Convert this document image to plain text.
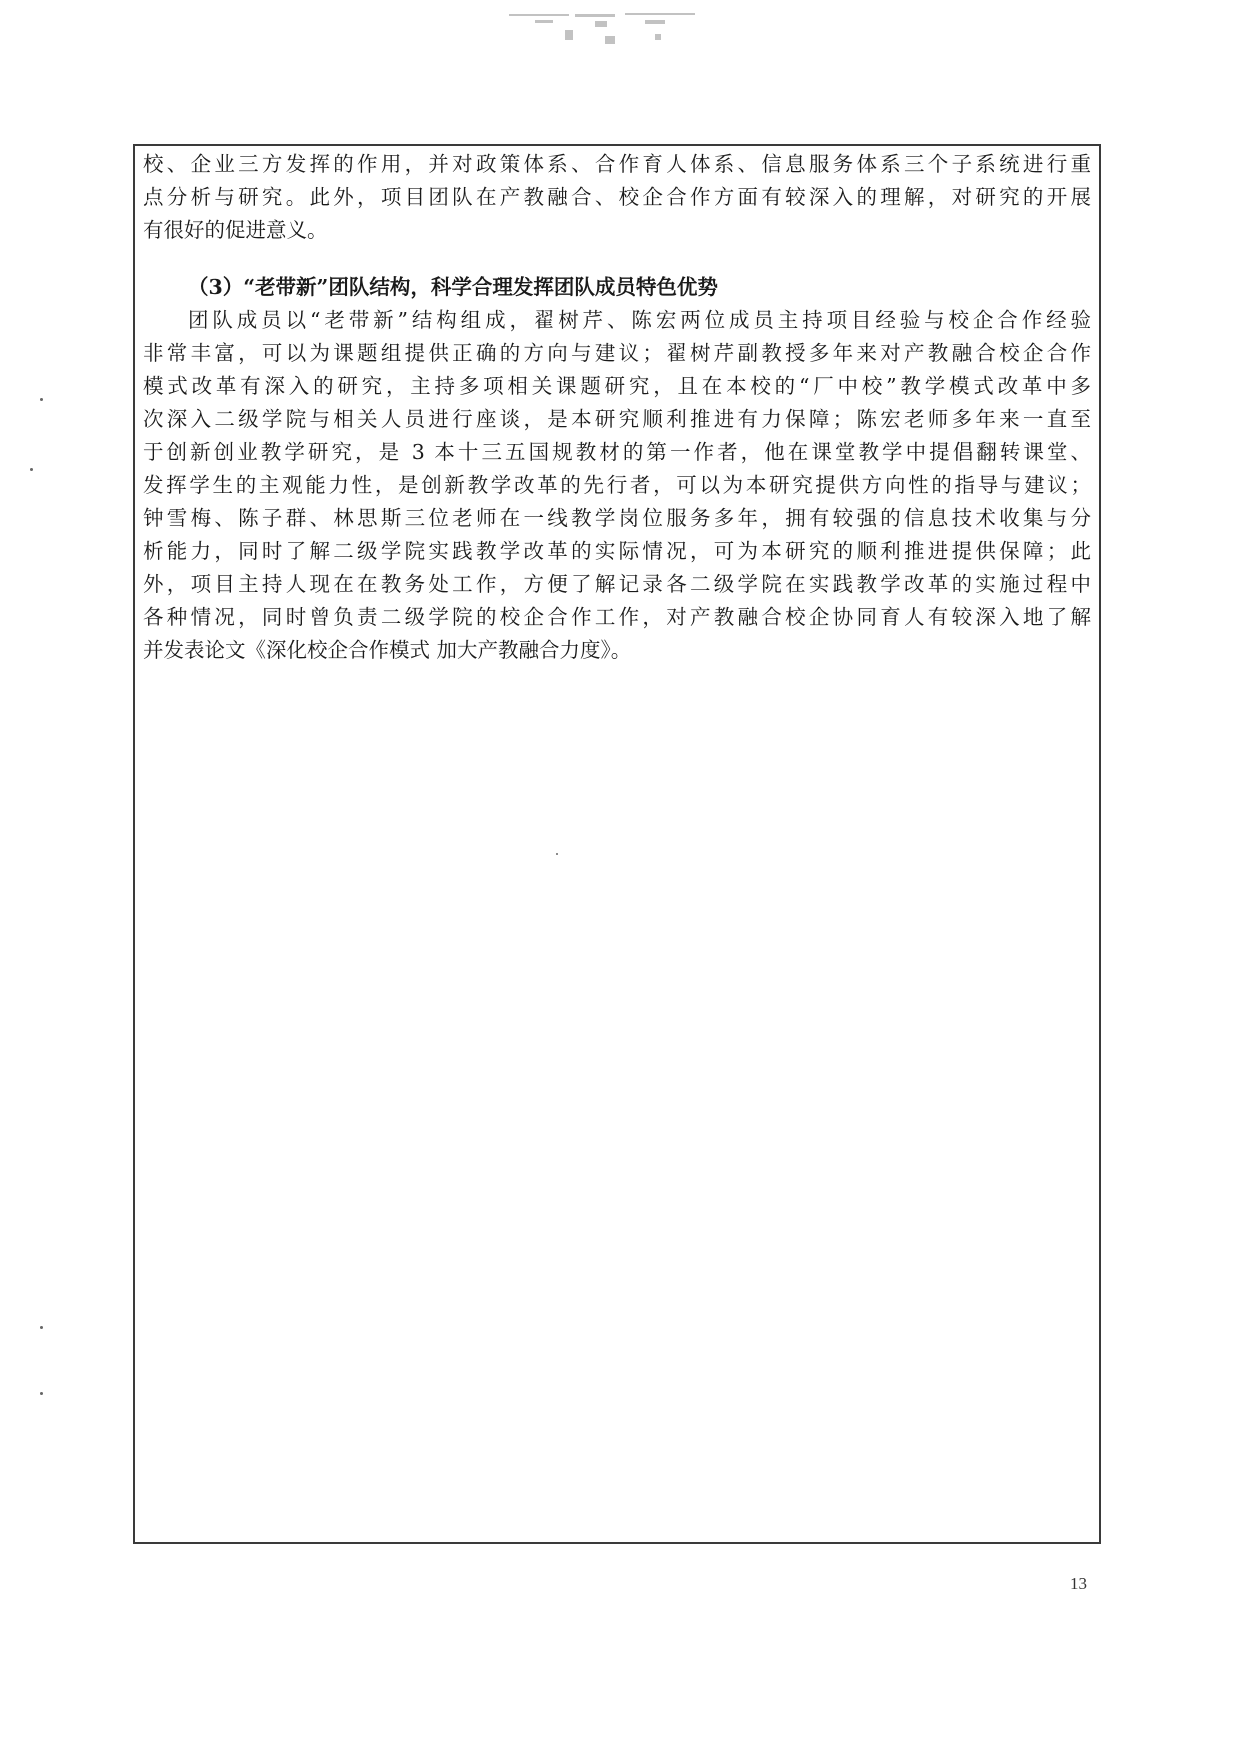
校、企业三方发挥的作用，并对政策体系、合作育人体系、信息服务体系三个子系统进行重
点分析与研究。此外，项目团队在产教融合、校企合作方面有较深入的理解，对研究的开展
有很好的促进意义。
（3）“老带新”团队结构，科学合理发挥团队成员特色优势
团队成员以“老带新”结构组成，翟树芹、陈宏两位成员主持项目经验与校企合作经验
非常丰富，可以为课题组提供正确的方向与建议；翟树芹副教授多年来对产教融合校企合作
模式改革有深入的研究，主持多项相关课题研究，且在本校的“厂中校”教学模式改革中多
次深入二级学院与相关人员进行座谈，是本研究顺利推进有力保障；陈宏老师多年来一直至
于创新创业教学研究，是 3 本十三五国规教材的第一作者，他在课堂教学中提倡翻转课堂、
发挥学生的主观能力性，是创新教学改革的先行者，可以为本研究提供方向性的指导与建议；
钟雪梅、陈子群、林思斯三位老师在一线教学岗位服务多年，拥有较强的信息技术收集与分
析能力，同时了解二级学院实践教学改革的实际情况，可为本研究的顺利推进提供保障；此
外，项目主持人现在在教务处工作，方便了解记录各二级学院在实践教学改革的实施过程中
各种情况，同时曾负责二级学院的校企合作工作，对产教融合校企协同育人有较深入地了解
并发表论文《深化校企合作模式 加大产教融合力度》。
13
